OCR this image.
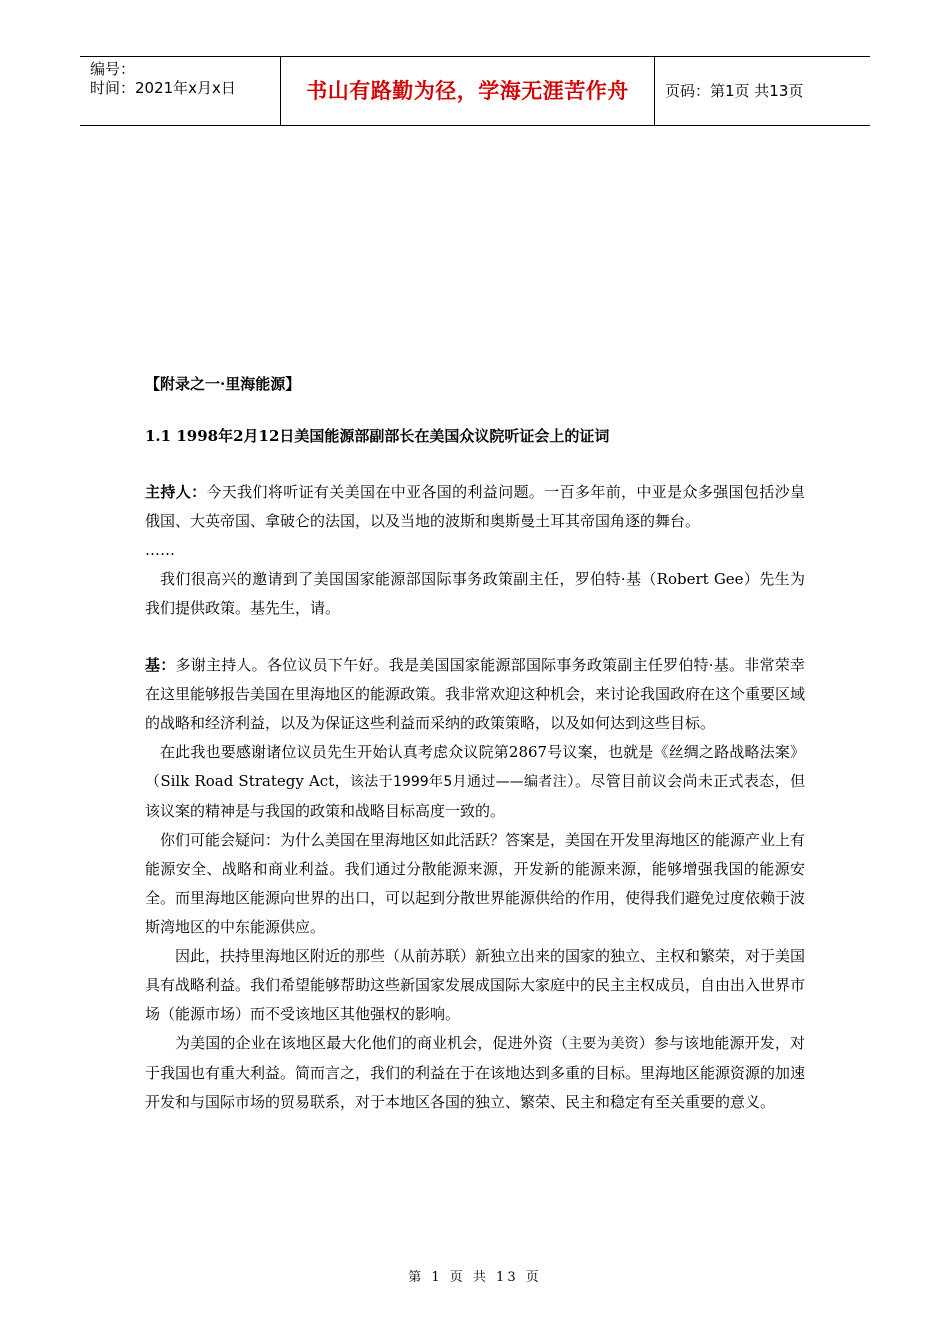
编号：
时间：2021年x月x日	书山有路勤为径，学海无涯苦作舟	页码：第1页 共13页

【附录之一·里海能源】

1.1 1998年2月12日美国能源部副部长在美国众议院听证会上的证词

主持人：今天我们将听证有关美国在中亚各国的利益问题。一百多年前，中亚是众多强国包括沙皇俄国、大英帝国、拿破仑的法国，以及当地的波斯和奥斯曼土耳其帝国角逐的舞台。

……

我们很高兴的邀请到了美国国家能源部国际事务政策副主任，罗伯特·基（Robert Gee）先生为我们提供政策。基先生，请。

基：多谢主持人。各位议员下午好。我是美国国家能源部国际事务政策副主任罗伯特·基。非常荣幸在这里能够报告美国在里海地区的能源政策。我非常欢迎这种机会，来讨论我国政府在这个重要区域的战略和经济利益，以及为保证这些利益而采纳的政策策略，以及如何达到这些目标。

在此我也要感谢诸位议员先生开始认真考虑众议院第2867号议案，也就是《丝绸之路战略法案》（Silk Road Strategy Act，该法于1999年5月通过——编者注）。尽管目前议会尚未正式表态，但该议案的精神是与我国的政策和战略目标高度一致的。

你们可能会疑问：为什么美国在里海地区如此活跃？答案是，美国在开发里海地区的能源产业上有能源安全、战略和商业利益。我们通过分散能源来源，开发新的能源来源，能够增强我国的能源安全。而里海地区能源向世界的出口，可以起到分散世界能源供给的作用，使得我们避免过度依赖于波斯湾地区的中东能源供应。

因此，扶持里海地区附近的那些（从前苏联）新独立出来的国家的独立、主权和繁荣，对于美国具有战略利益。我们希望能够帮助这些新国家发展成国际大家庭中的民主主权成员，自由出入世界市场（能源市场）而不受该地区其他强权的影响。

为美国的企业在该地区最大化他们的商业机会，促进外资（主要为美资）参与该地能源开发，对于我国也有重大利益。简而言之，我们的利益在于在该地达到多重的目标。里海地区能源资源的加速开发和与国际市场的贸易联系，对于本地区各国的独立、繁荣、民主和稳定有至关重要的意义。

第 1 页 共 13 页
